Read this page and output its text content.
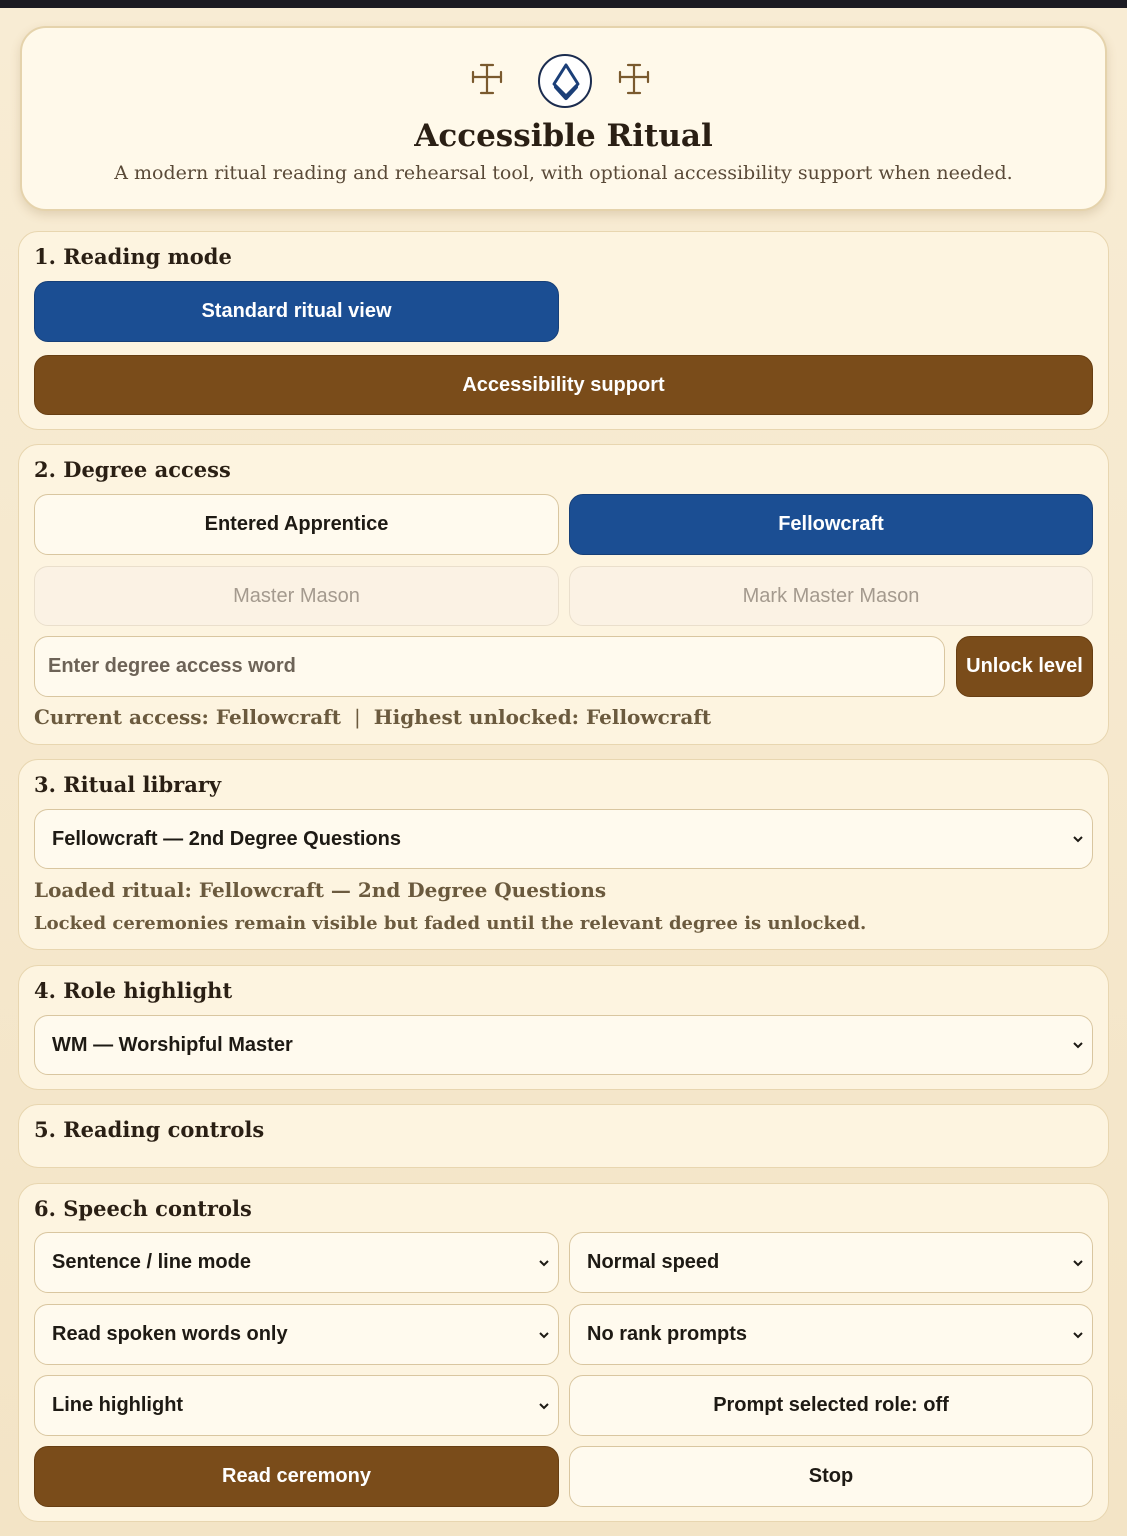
Accessible Ritual
A modern ritual reading and rehearsal tool, with optional accessibility support when needed.
1. Reading mode
Standard ritual view
Accessibility support
2. Degree access
Entered Apprentice	Fellowcraft
Master Mason	Mark Master Mason
Enter degree access word	Unlock level
Current access: Fellowcraft | Highest unlocked: Fellowcraft
3. Ritual library
Fellowcraft — 2nd Degree Questions
Loaded ritual: Fellowcraft — 2nd Degree Questions
Locked ceremonies remain visible but faded until the relevant degree is unlocked.
4. Role highlight
WM — Worshipful Master
5. Reading controls
6. Speech controls
Sentence / line mode	Normal speed
Read spoken words only	No rank prompts
Line highlight	Prompt selected role: off
Read ceremony	Stop
